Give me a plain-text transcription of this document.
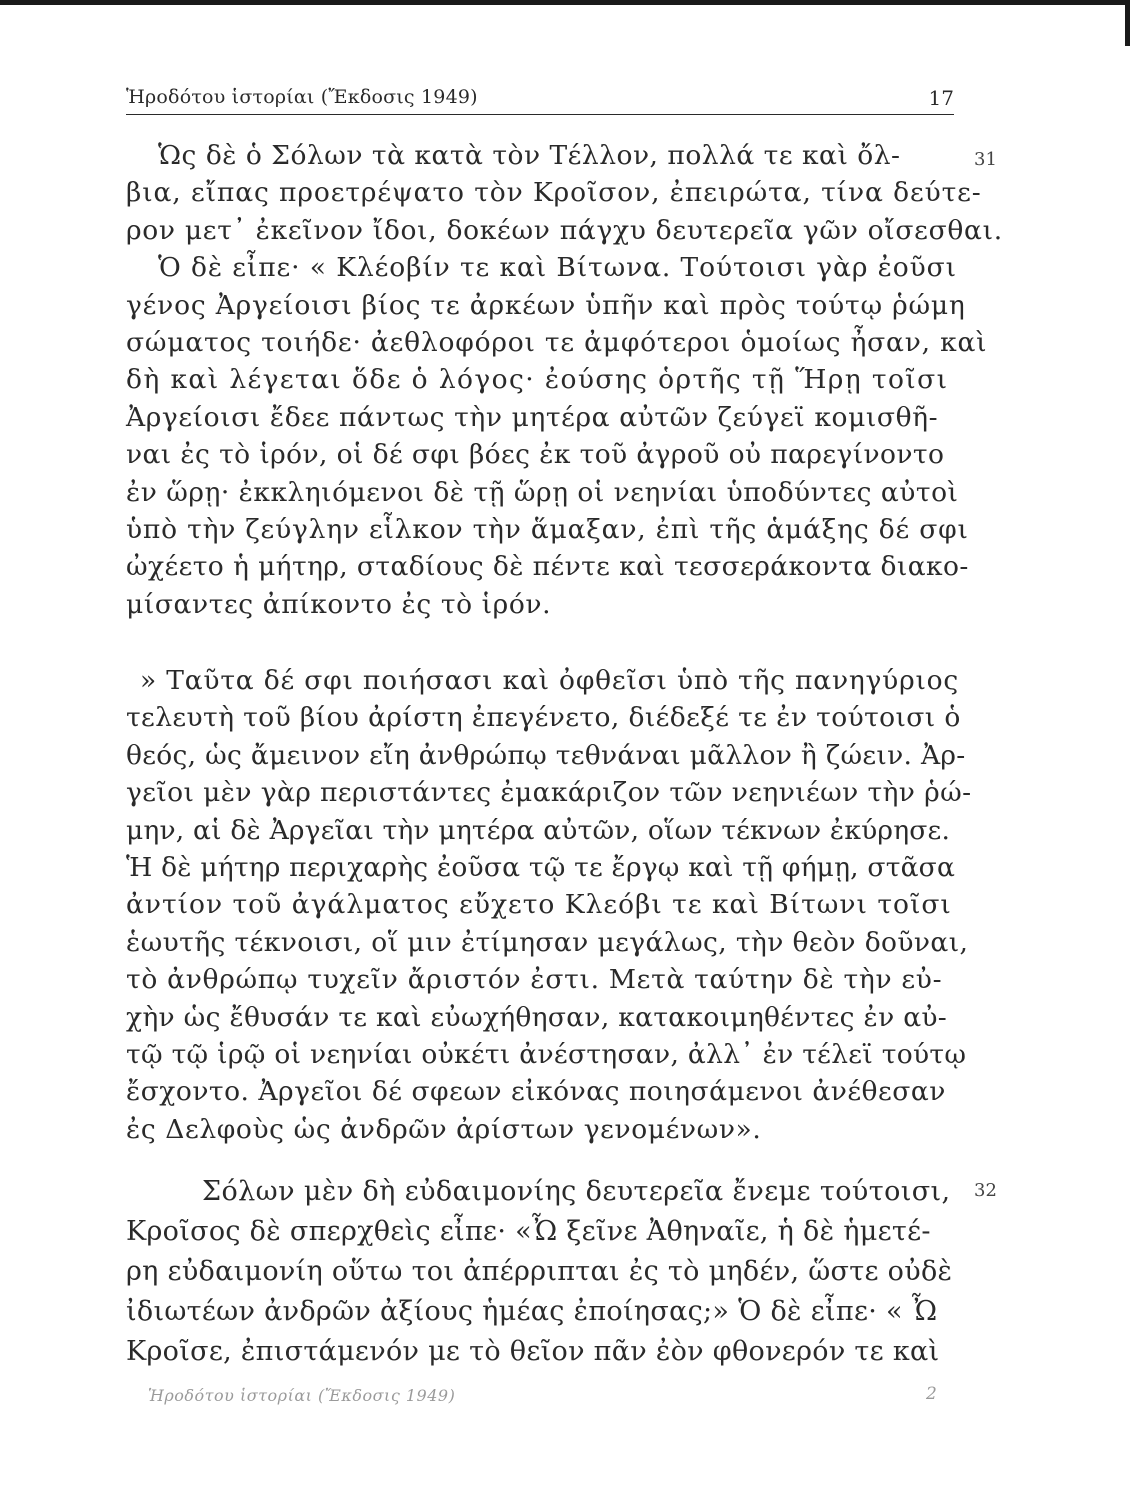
Ἡροδότου ἱστορίαι (Ἔκδοσις 1949)	17
Ὡς δὲ ὁ Σόλων τὰ κατὰ τὸν Τέλλον, πολλά τε καὶ ὄλ-
βια, εἴπας προετρέψατο τὸν Κροῖσον, ἐπειρώτα, τίνα δεύτε-
ρον μετ᾽ ἐκεῖνον ἴδοι, δοκέων πάγχυ δευτερεῖα γῶν οἴσεσθαι.
Ὁ δὲ εἶπε· « Κλέοβίν τε καὶ Βίτωνα. Τούτοισι γὰρ ἐοῦσι
γένος Ἀργείοισι βίος τε ἀρκέων ὑπῆν καὶ πρὸς τούτῳ ῥώμη
σώματος τοιήδε· ἀεθλοφόροι τε ἀμφότεροι ὁμοίως ἦσαν, καὶ
δὴ καὶ λέγεται ὅδε ὁ λόγος· ἐούσης ὁρτῆς τῇ Ἥρῃ τοῖσι
Ἀργείοισι ἔδεε πάντως τὴν μητέρα αὐτῶν ζεύγεϊ κομισθῆ-
ναι ἐς τὸ ἱρόν, οἱ δέ σφι βόες ἐκ τοῦ ἀγροῦ οὐ παρεγίνοντο
ἐν ὥρῃ· ἐκκληιόμενοι δὲ τῇ ὥρῃ οἱ νεηνίαι ὑποδύντες αὐτοὶ
ὑπὸ τὴν ζεύγλην εἷλκον τὴν ἅμαξαν, ἐπὶ τῆς ἁμάξης δέ σφι
ὠχέετο ἡ μήτηρ, σταδίους δὲ πέντε καὶ τεσσεράκοντα διακο-
μίσαντες ἀπίκοντο ἐς τὸ ἱρόν.
» Ταῦτα δέ σφι ποιήσασι καὶ ὀφθεῖσι ὑπὸ τῆς πανηγύριος
τελευτὴ τοῦ βίου ἀρίστη ἐπεγένετο, διέδεξέ τε ἐν τούτοισι ὁ
θεός, ὡς ἄμεινον εἴη ἀνθρώπῳ τεθνάναι μᾶλλον ἢ ζώειν. Ἀρ-
γεῖοι μὲν γὰρ περιστάντες ἐμακάριζον τῶν νεηνιέων τὴν ῥώ-
μην, αἱ δὲ Ἀργεῖαι τὴν μητέρα αὐτῶν, οἵων τέκνων ἐκύρησε.
Ἡ δὲ μήτηρ περιχαρὴς ἐοῦσα τῷ τε ἔργῳ καὶ τῇ φήμῃ, στᾶσα
ἀντίον τοῦ ἀγάλματος εὔχετο Κλεόβι τε καὶ Βίτωνι τοῖσι
ἑωυτῆς τέκνοισι, οἵ μιν ἐτίμησαν μεγάλως, τὴν θεὸν δοῦναι,
τὸ ἀνθρώπῳ τυχεῖν ἄριστόν ἐστι. Μετὰ ταύτην δὲ τὴν εὐ-
χὴν ὡς ἔθυσάν τε καὶ εὐωχήθησαν, κατακοιμηθέντες ἐν αὐ-
τῷ τῷ ἱρῷ οἱ νεηνίαι οὐκέτι ἀνέστησαν, ἀλλ᾽ ἐν τέλεϊ τούτῳ
ἔσχοντο. Ἀργεῖοι δέ σφεων εἰκόνας ποιησάμενοι ἀνέθεσαν
ἐς Δελφοὺς ὡς ἀνδρῶν ἀρίστων γενομένων».
Σόλων μὲν δὴ εὐδαιμονίης δευτερεῖα ἔνεμε τούτοισι,
Κροῖσος δὲ σπερχθεὶς εἶπε· «Ὦ ξεῖνε Ἀθηναῖε, ἡ δὲ ἡμετέ-
ρη εὐδαιμονίη οὕτω τοι ἀπέρριπται ἐς τὸ μηδέν, ὥστε οὐδὲ
ἰδιωτέων ἀνδρῶν ἀξίους ἡμέας ἐποίησας;» Ὁ δὲ εἶπε· « Ὦ
Κροῖσε, ἐπιστάμενόν με τὸ θεῖον πᾶν ἐὸν φθονερόν τε καὶ
31
32
Ἡροδότου ἱστορίαι (Ἔκδοσις 1949)	2
